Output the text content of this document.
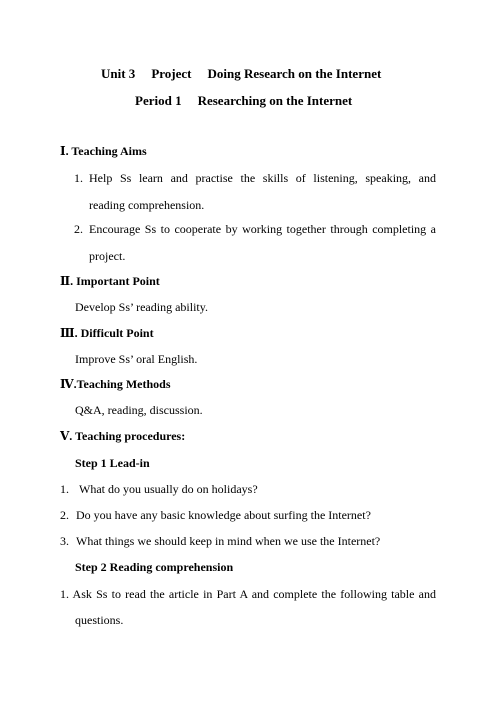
Unit 3 Project Doing Research on the Internet
Period 1 Researching on the Internet
Ⅰ. Teaching Aims
1. Help Ss learn and practise the skills of listening, speaking, and
reading comprehension.
2. Encourage Ss to cooperate by working together through completing a
project.
Ⅱ. Important Point
Develop Ss’ reading ability.
Ⅲ. Difficult Point
Improve Ss’ oral English.
Ⅳ.Teaching Methods
Q&A, reading, discussion.
Ⅴ. Teaching procedures:
Step 1 Lead-in
1. What do you usually do on holidays?
2. Do you have any basic knowledge about surfing the Internet?
3. What things we should keep in mind when we use the Internet?
Step 2 Reading comprehension
1. Ask Ss to read the article in Part A and complete the following table and
questions.
